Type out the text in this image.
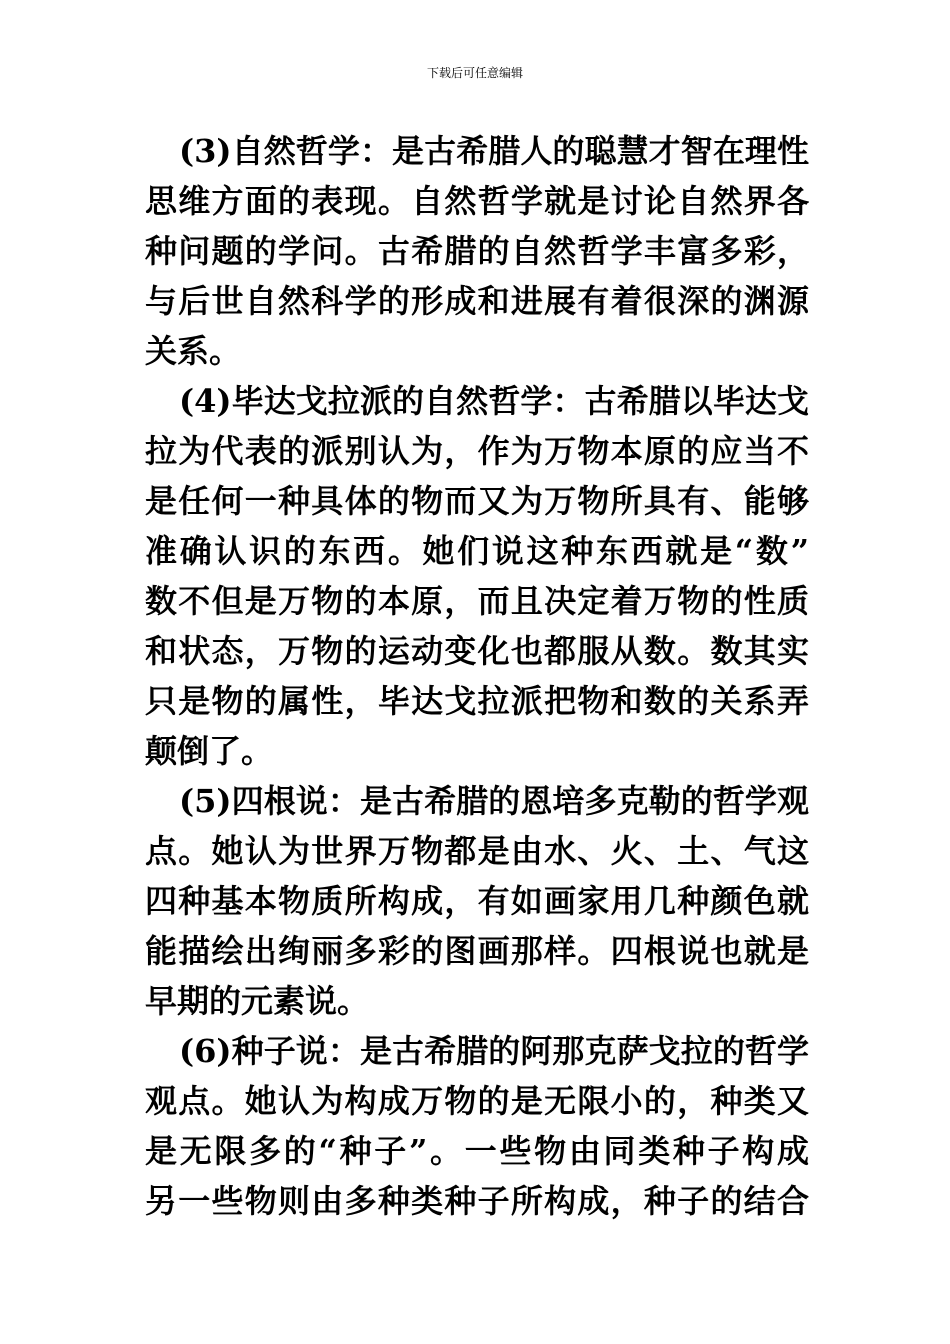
下载后可任意编辑
(3)自然哲学：是古希腊人的聪慧才智在理性
思维方面的表现。自然哲学就是讨论自然界各
种问题的学问。古希腊的自然哲学丰富多彩，
与后世自然科学的形成和进展有着很深的渊源
关系。
(4)毕达戈拉派的自然哲学：古希腊以毕达戈
拉为代表的派别认为，作为万物本原的应当不
是任何一种具体的物而又为万物所具有、能够
准确认识的东西。她们说这种东西就是“数”
数不但是万物的本原，而且决定着万物的性质
和状态，万物的运动变化也都服从数。数其实
只是物的属性，毕达戈拉派把物和数的关系弄
颠倒了。
(5)四根说：是古希腊的恩培多克勒的哲学观
点。她认为世界万物都是由水、火、土、气这
四种基本物质所构成，有如画家用几种颜色就
能描绘出绚丽多彩的图画那样。四根说也就是
早期的元素说。
(6)种子说：是古希腊的阿那克萨戈拉的哲学
观点。她认为构成万物的是无限小的，种类又
是无限多的“种子”。一些物由同类种子构成
另一些物则由多种类种子所构成，种子的结合
